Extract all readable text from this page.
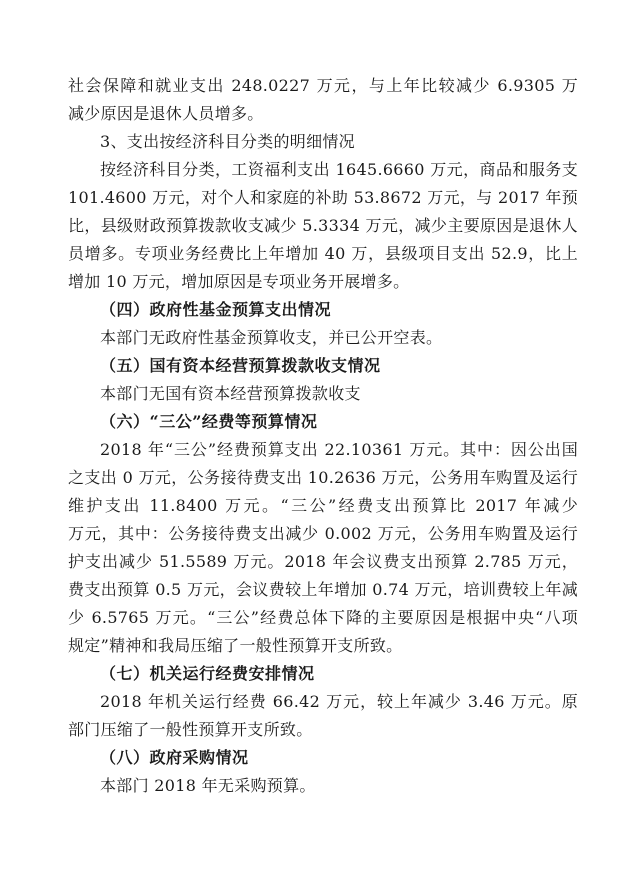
社会保障和就业支出 248.0227 万元，与上年比较减少 6.9305 万
减少原因是退休人员增多。
3、支出按经济科目分类的明细情况
按经济科目分类，工资福利支出 1645.6660 万元，商品和服务支
101.4600 万元，对个人和家庭的补助 53.8672 万元，与 2017 年预
比，县级财政预算拨款收支减少 5.3334 万元，减少主要原因是退休人
员增多。专项业务经费比上年增加 40 万，县级项目支出 52.9，比上
增加 10 万元，增加原因是专项业务开展增多。
（四）政府性基金预算支出情况
本部门无政府性基金预算收支，并已公开空表。
（五）国有资本经营预算拨款收支情况
本部门无国有资本经营预算拨款收支
（六）“三公”经费等预算情况
2018 年“三公”经费预算支出 22.10361 万元。其中：因公出国
之支出 0 万元，公务接待费支出 10.2636 万元，公务用车购置及运行
维护支出 11.8400 万元。“三公”经费支出预算比 2017 年减少
万元，其中：公务接待费支出减少 0.002 万元，公务用车购置及运行
护支出减少 51.5589 万元。2018 年会议费支出预算 2.785 万元，
费支出预算 0.5 万元，会议费较上年增加 0.74 万元，培训费较上年减
少 6.5765 万元。“三公”经费总体下降的主要原因是根据中央“八项
规定”精神和我局压缩了一般性预算开支所致。
（七）机关运行经费安排情况
2018 年机关运行经费 66.42 万元，较上年减少 3.46 万元。原
部门压缩了一般性预算开支所致。
（八）政府采购情况
本部门 2018 年无采购预算。
